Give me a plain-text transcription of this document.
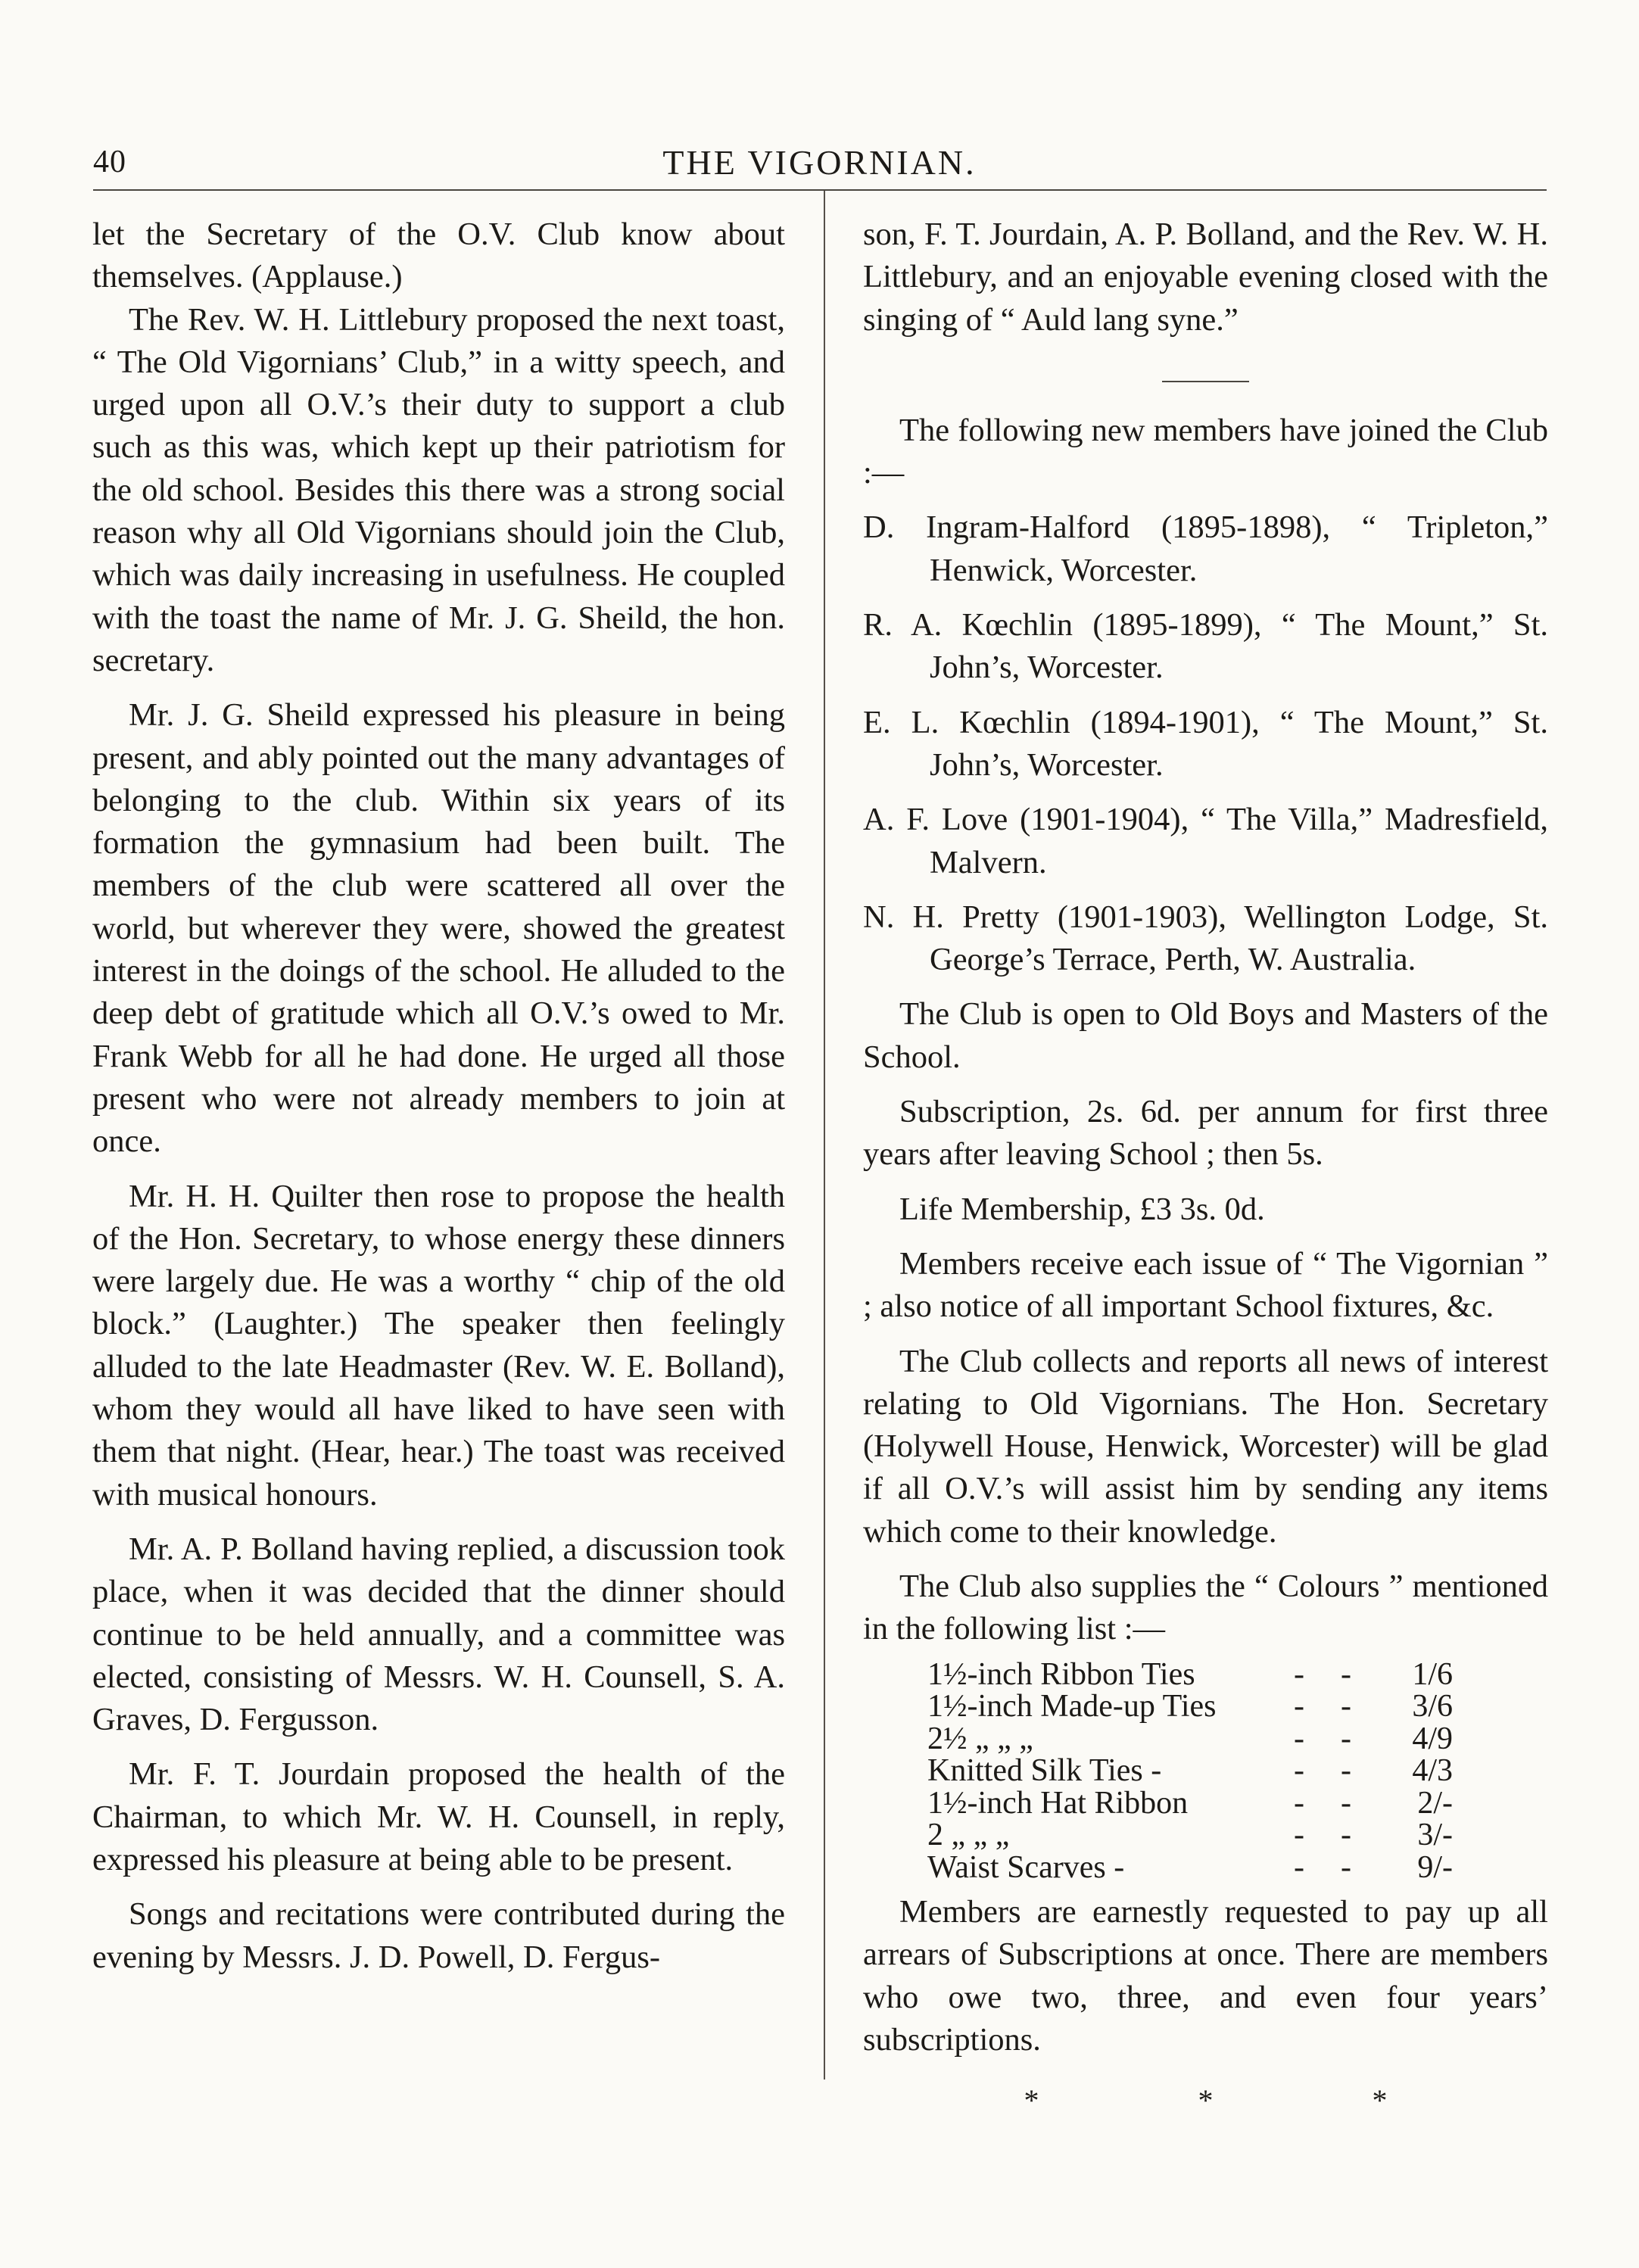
40	THE VIGORNIAN.

let the Secretary of the O.V. Club know about themselves. (Applause.)

The Rev. W. H. Littlebury proposed the next toast, “ The Old Vigornians’ Club,” in a witty speech, and urged upon all O.V.’s their duty to support a club such as this was, which kept up their patriotism for the old school. Besides this there was a strong social reason why all Old Vigornians should join the Club, which was daily increasing in usefulness. He coupled with the toast the name of Mr. J. G. Sheild, the hon. secretary.

Mr. J. G. Sheild expressed his pleasure in being present, and ably pointed out the many advantages of belonging to the club. Within six years of its formation the gymnasium had been built. The members of the club were scattered all over the world, but wherever they were, showed the greatest interest in the doings of the school. He alluded to the deep debt of gratitude which all O.V.’s owed to Mr. Frank Webb for all he had done. He urged all those present who were not already members to join at once.

Mr. H. H. Quilter then rose to propose the health of the Hon. Secretary, to whose energy these dinners were largely due. He was a worthy “ chip of the old block.” (Laughter.) The speaker then feelingly alluded to the late Headmaster (Rev. W. E. Bolland), whom they would all have liked to have seen with them that night. (Hear, hear.) The toast was received with musical honours.

Mr. A. P. Bolland having replied, a discussion took place, when it was decided that the dinner should continue to be held annually, and a committee was elected, consisting of Messrs. W. H. Counsell, S. A. Graves, D. Fergusson.

Mr. F. T. Jourdain proposed the health of the Chairman, to which Mr. W. H. Counsell, in reply, expressed his pleasure at being able to be present.

Songs and recitations were contributed during the evening by Messrs. J. D. Powell, D. Fergus-

son, F. T. Jourdain, A. P. Bolland, and the Rev. W. H. Littlebury, and an enjoyable evening closed with the singing of “ Auld lang syne.”

The following new members have joined the Club :—

D. Ingram-Halford (1895-1898), “ Tripleton,” Henwick, Worcester.

R. A. Kœchlin (1895-1899), “ The Mount,” St. John’s, Worcester.

E. L. Kœchlin (1894-1901), “ The Mount,” St. John’s, Worcester.

A. F. Love (1901-1904), “ The Villa,” Madresfield, Malvern.

N. H. Pretty (1901-1903), Wellington Lodge, St. George’s Terrace, Perth, W. Australia.

The Club is open to Old Boys and Masters of the School.

Subscription, 2s. 6d. per annum for first three years after leaving School ; then 5s.

Life Membership, £3 3s. 0d.

Members receive each issue of “ The Vigornian ” ; also notice of all important School fixtures, &c.

The Club collects and reports all news of interest relating to Old Vigornians. The Hon. Secretary (Holywell House, Henwick, Worcester) will be glad if all O.V.’s will assist him by sending any items which come to their knowledge.

The Club also supplies the “ Colours ” mentioned in the following list :—

1½-inch Ribbon Ties	-	-	1/6
1½-inch Made-up Ties	-	-	3/6
2½ „ „ „	-	-	4/9
Knitted Silk Ties -	-	-	4/3
1½-inch Hat Ribbon	-	-	2/-
2 „ „ „	-	-	3/-
Waist Scarves -	-	-	9/-

Members are earnestly requested to pay up all arrears of Subscriptions at once. There are members who owe two, three, and even four years’ subscriptions.

* * *
